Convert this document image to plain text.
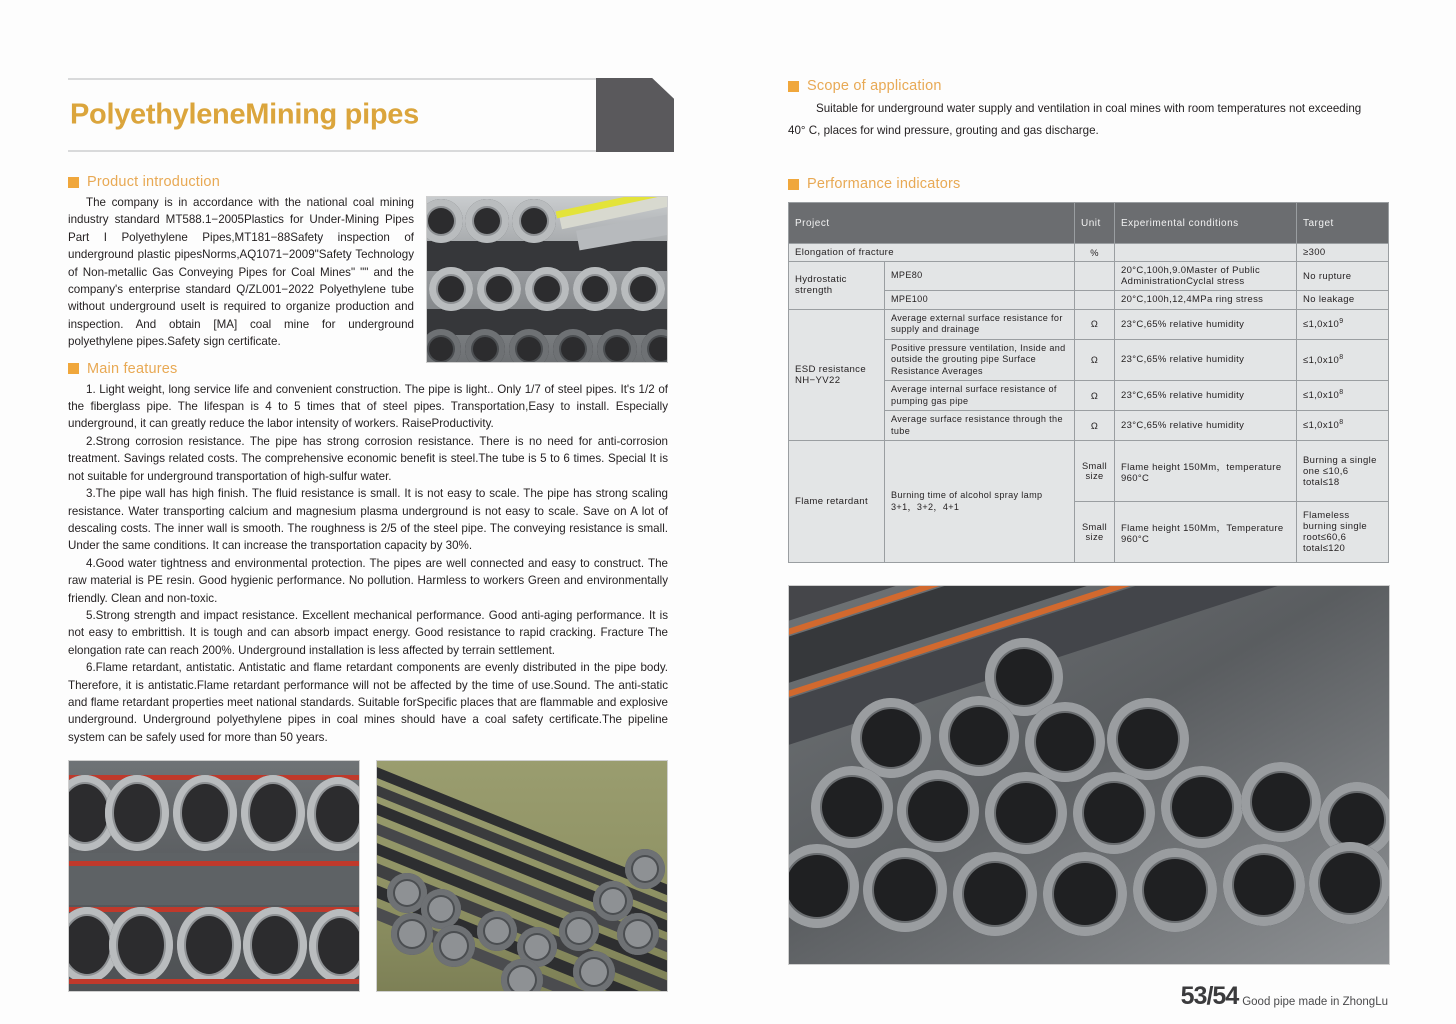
PolyethyleneMining pipes
Product introduction

The company is in accordance with the national coal mining industry standard MT588.1−2005Plastics for Under-Mining Pipes Part I Polyethylene Pipes,MT181−88Safety inspection of underground plastic pipesNorms,AQ1071−2009"Safety Technology of Non-metallic Gas Conveying Pipes for Coal Mines" "" and the company's enterprise standard Q/ZL001−2022 Polyethylene tube without underground uselt is required to organize production and inspection. And obtain [MA] coal mine for underground polyethylene pipes.Safety sign certificate.

Main features

1. Light weight, long service life and convenient construction. The pipe is light.. Only 1/7 of steel pipes. It's 1/2 of the fiberglass pipe. The lifespan is 4 to 5 times that of steel pipes. Transportation,Easy to install. Especially underground, it can greatly reduce the labor intensity of workers. RaiseProductivity.

2.Strong corrosion resistance. The pipe has strong corrosion resistance. There is no need for anti-corrosion treatment. Savings related costs. The comprehensive economic benefit is steel.The tube is 5 to 6 times. Special It is not suitable for underground transportation of high-sulfur water.

3.The pipe wall has high finish. The fluid resistance is small. It is not easy to scale. The pipe has strong scaling resistance. Water transporting calcium and magnesium plasma underground is not easy to scale. Save on A lot of descaling costs. The inner wall is smooth. The roughness is 2/5 of the steel pipe. The conveying resistance is small. Under the same conditions. It can increase the transportation capacity by 30%.

4.Good water tightness and environmental protection. The pipes are well connected and easy to construct. The raw material is PE resin. Good hygienic performance. No pollution. Harmless to workers Green and environmentally friendly. Clean and non-toxic.

5.Strong strength and impact resistance. Excellent mechanical performance. Good anti-aging performance. It is not easy to embrittish. It is tough and can absorb impact energy. Good resistance to rapid cracking. Fracture The elongation rate can reach 200%. Underground installation is less affected by terrain settlement.

6.Flame retardant, antistatic. Antistatic and flame retardant components are evenly distributed in the pipe body. Therefore, it is antistatic.Flame retardant performance will not be affected by the time of use.Sound. The anti-static and flame retardant properties meet national standards. Suitable forSpecific places that are flammable and explosive underground. Underground polyethylene pipes in coal mines should have a coal safety certificate.The pipeline system can be safely used for more than 50 years.

Scope of application
Suitable for underground water supply and ventilation in coal mines with room temperatures not exceeding
40° C, places for wind pressure, grouting and gas discharge.
Performance indicators
Project		Unit	Experimental conditions	Target
Elongation of fracture		%		≥300
Hydrostatic strength	MPE80		20°C,100h,9.0Master of Public AdministrationCyclal stress	No rupture
	MPE100		20°C,100h,12,4MPa ring stress	No leakage
ESD resistance NH−YV22	Average external surface resistance for supply and drainage	Ω	23°C,65% relative humidity	$\le 1,0x10^9$
	Positive pressure ventilation, Inside and outside the grouting pipe Surface Resistance Averages	Ω	23°C,65% relative humidity	$\le 1,0x10^8$
	Average internal surface resistance of pumping gas pipe	Ω	23°C,65% relative humidity	$\le 1,0x10^8$
	Average surface resistance through the tube	Ω	23°C,65% relative humidity	$\le 1,0x10^8$
Flame retardant	Burning time of alcohol spray lamp 3+1，3+2，4+1	Small size	Flame height 150Mm，temperature 960°C	Burning a single one ≤10,6 total≤18
		Small size	Flame height 150Mm，Temperature 960°C	Flameless burning single root≤60,6 total≤120
53/54 Good pipe made in ZhongLu
